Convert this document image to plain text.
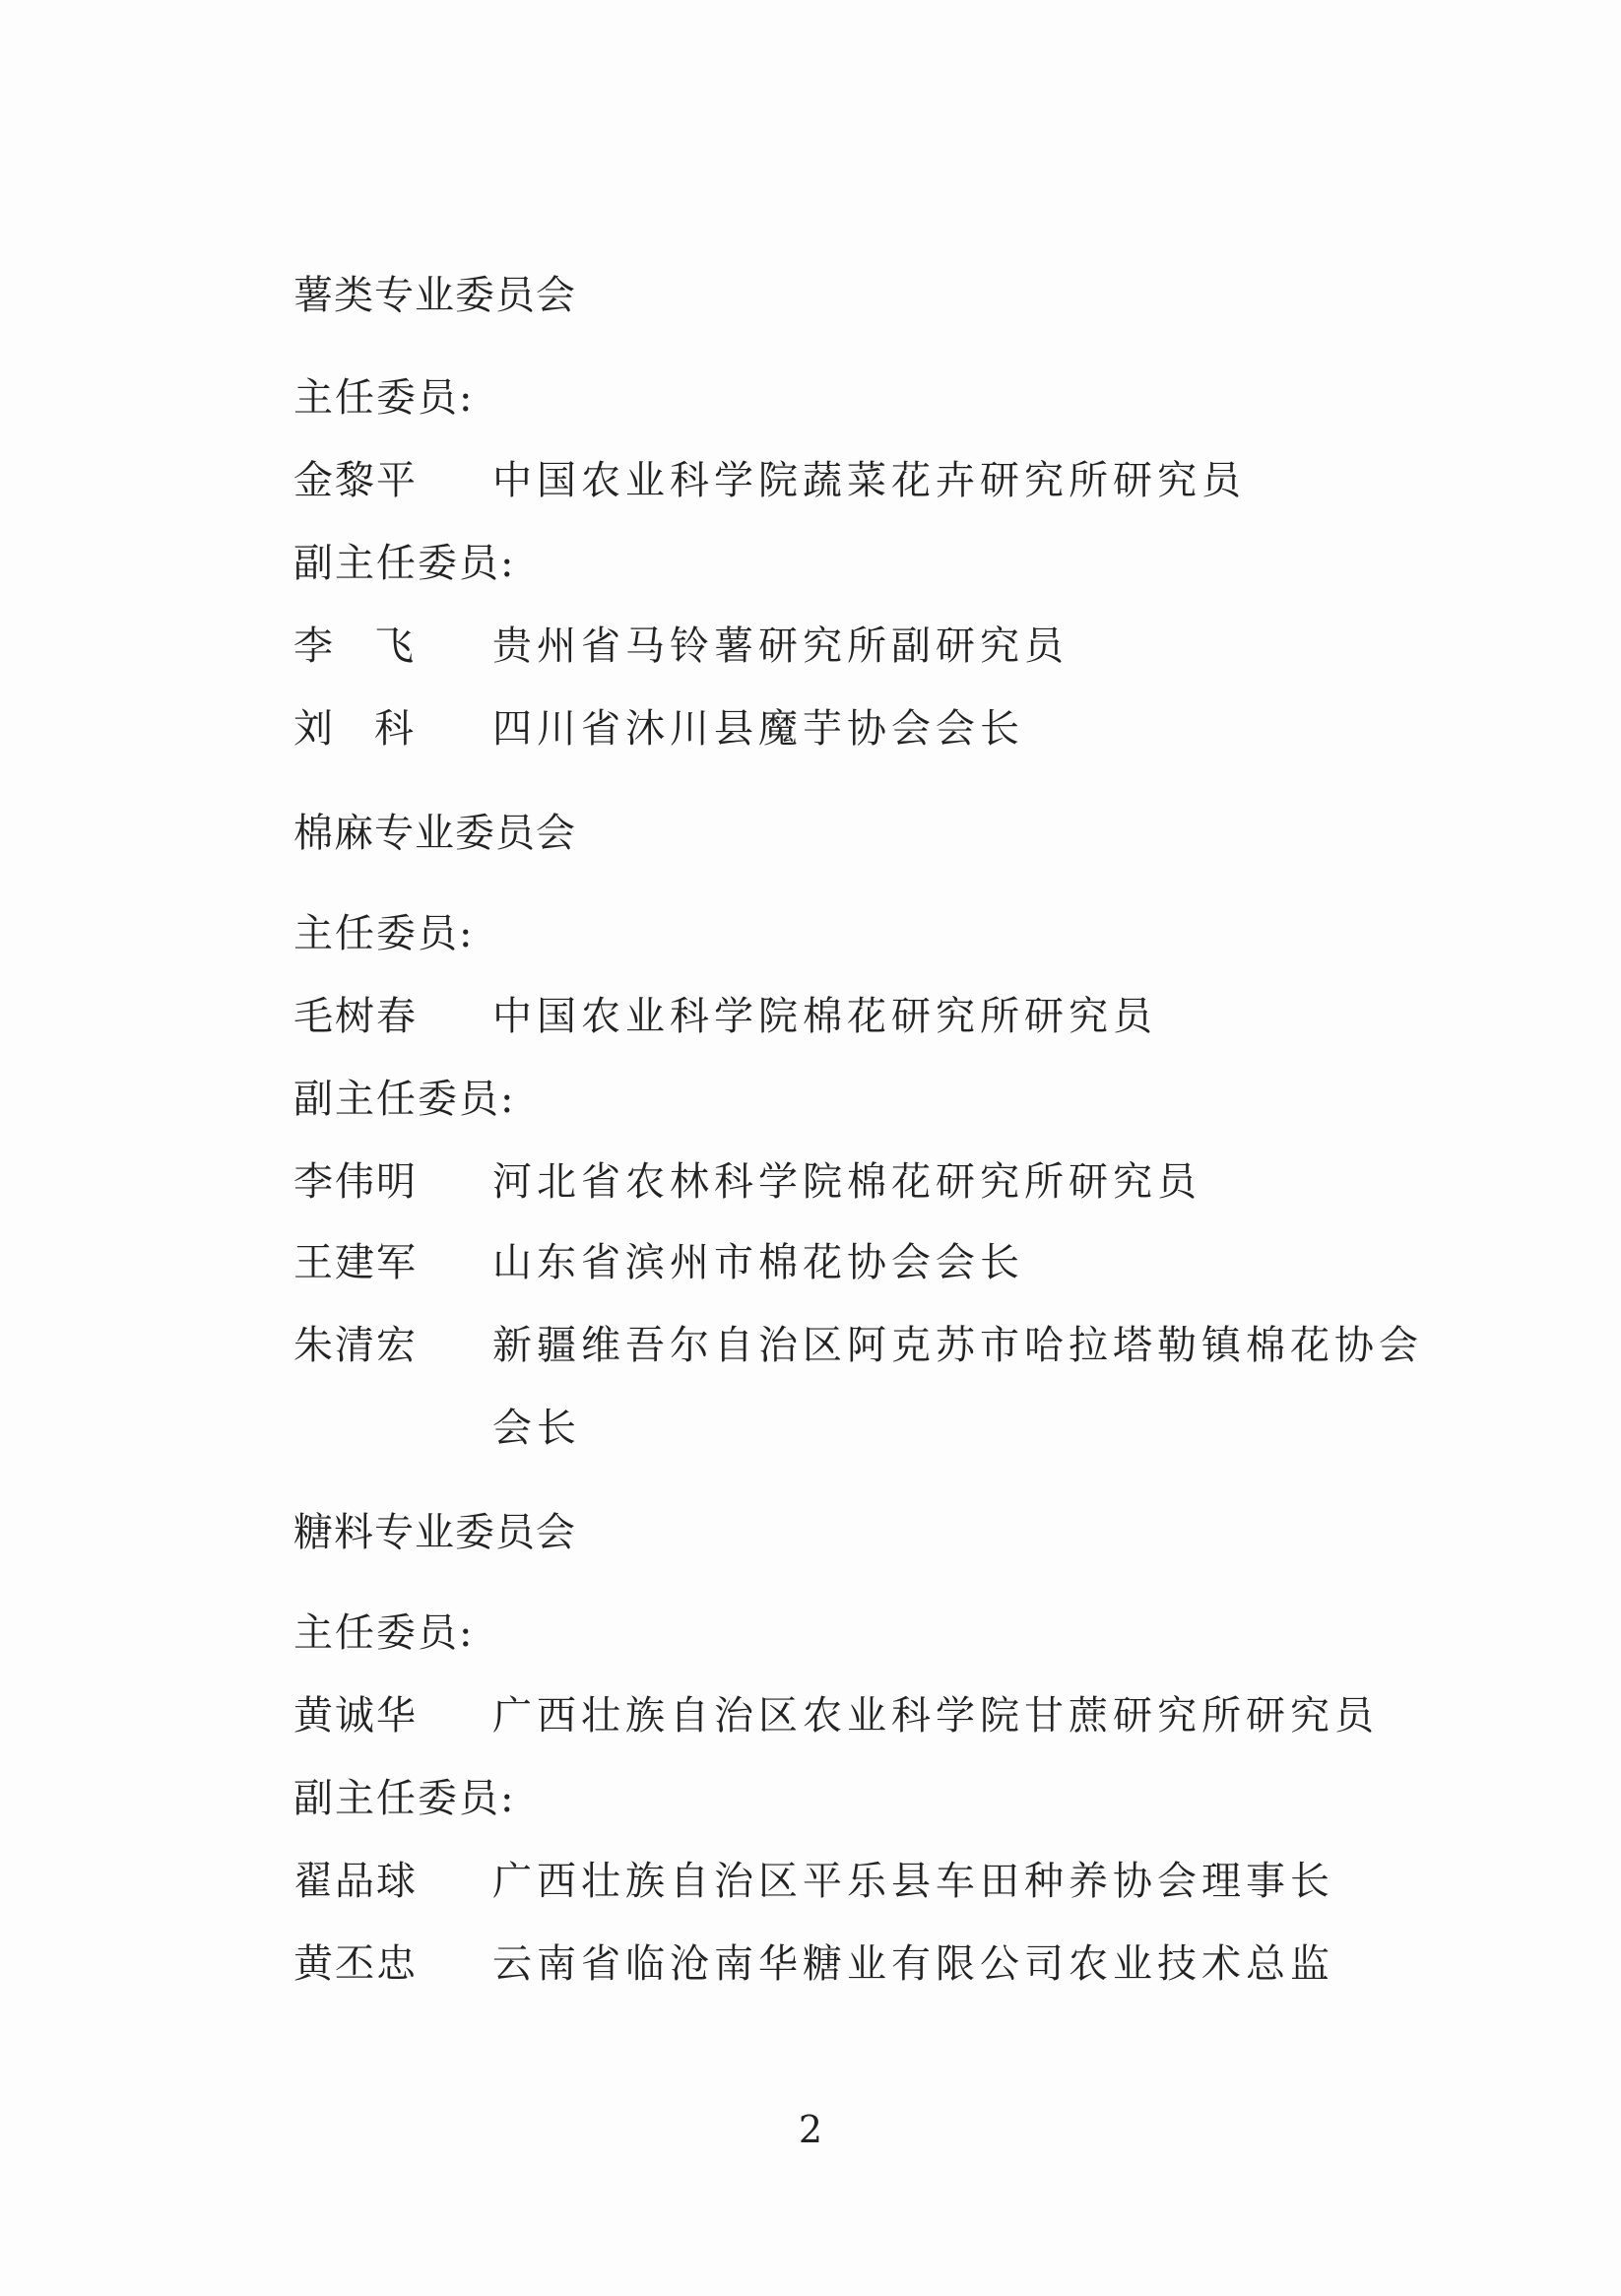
薯类专业委员会
主任委员:
金黎平 中国农业科学院蔬菜花卉研究所研究员
副主任委员:
李飞 贵州省马铃薯研究所副研究员
刘科 四川省沐川县魔芋协会会长
棉麻专业委员会
主任委员:
毛树春 中国农业科学院棉花研究所研究员
副主任委员:
李伟明 河北省农林科学院棉花研究所研究员
王建军 山东省滨州市棉花协会会长
朱清宏 新疆维吾尔自治区阿克苏市哈拉塔勒镇棉花协会
会长
糖料专业委员会
主任委员:
黄诚华 广西壮族自治区农业科学院甘蔗研究所研究员
副主任委员:
翟品球 广西壮族自治区平乐县车田种养协会理事长
黄丕忠 云南省临沧南华糖业有限公司农业技术总监
2
